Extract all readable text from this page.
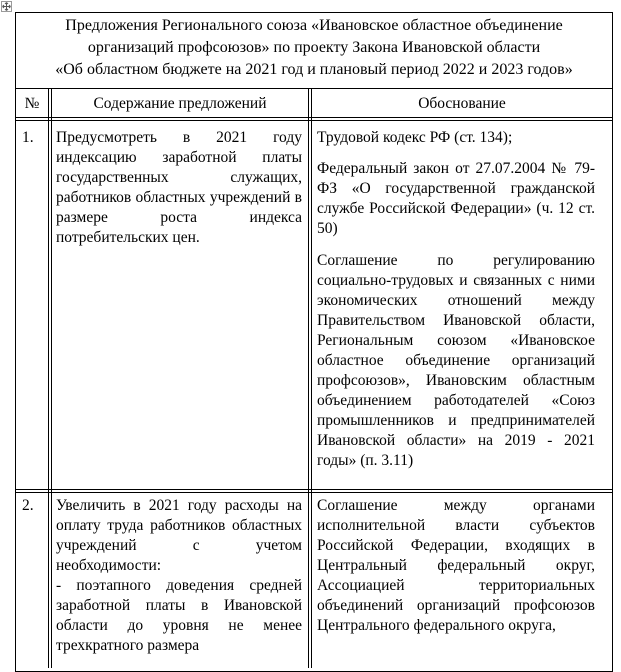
Предложения Регионального союза «Ивановское областное объединение
организаций профсоюзов» по проекту Закона Ивановской области
«Об областном бюджете на 2021 год и плановый период 2022 и 2023 годов»
№	Содержание предложений	Обоснование
1. Предусмотреть в 2021 году индексацию заработной платы государственных служащих, работников областных учреждений в размере роста индекса потребительских цен.
Трудовой кодекс РФ (ст. 134);
Федеральный закон от 27.07.2004 № 79-ФЗ «О государственной гражданской службе Российской Федерации» (ч. 12 ст. 50)
Соглашение по регулированию социально-трудовых и связанных с ними экономических отношений между Правительством Ивановской области, Региональным союзом «Ивановское областное объединение организаций профсоюзов», Ивановским областным объединением работодателей «Союз промышленников и предпринимателей Ивановской области» на 2019 - 2021 годы» (п. 3.11)
2. Увеличить в 2021 году расходы на оплату труда работников областных учреждений с учетом необходимости:
- поэтапного доведения средней заработной платы в Ивановской области до уровня не менее трехкратного размера
Соглашение между органами исполнительной власти субъектов Российской Федерации, входящих в Центральный федеральный округ, Ассоциацией территориальных объединений организаций профсоюзов Центрального федерального округа,
